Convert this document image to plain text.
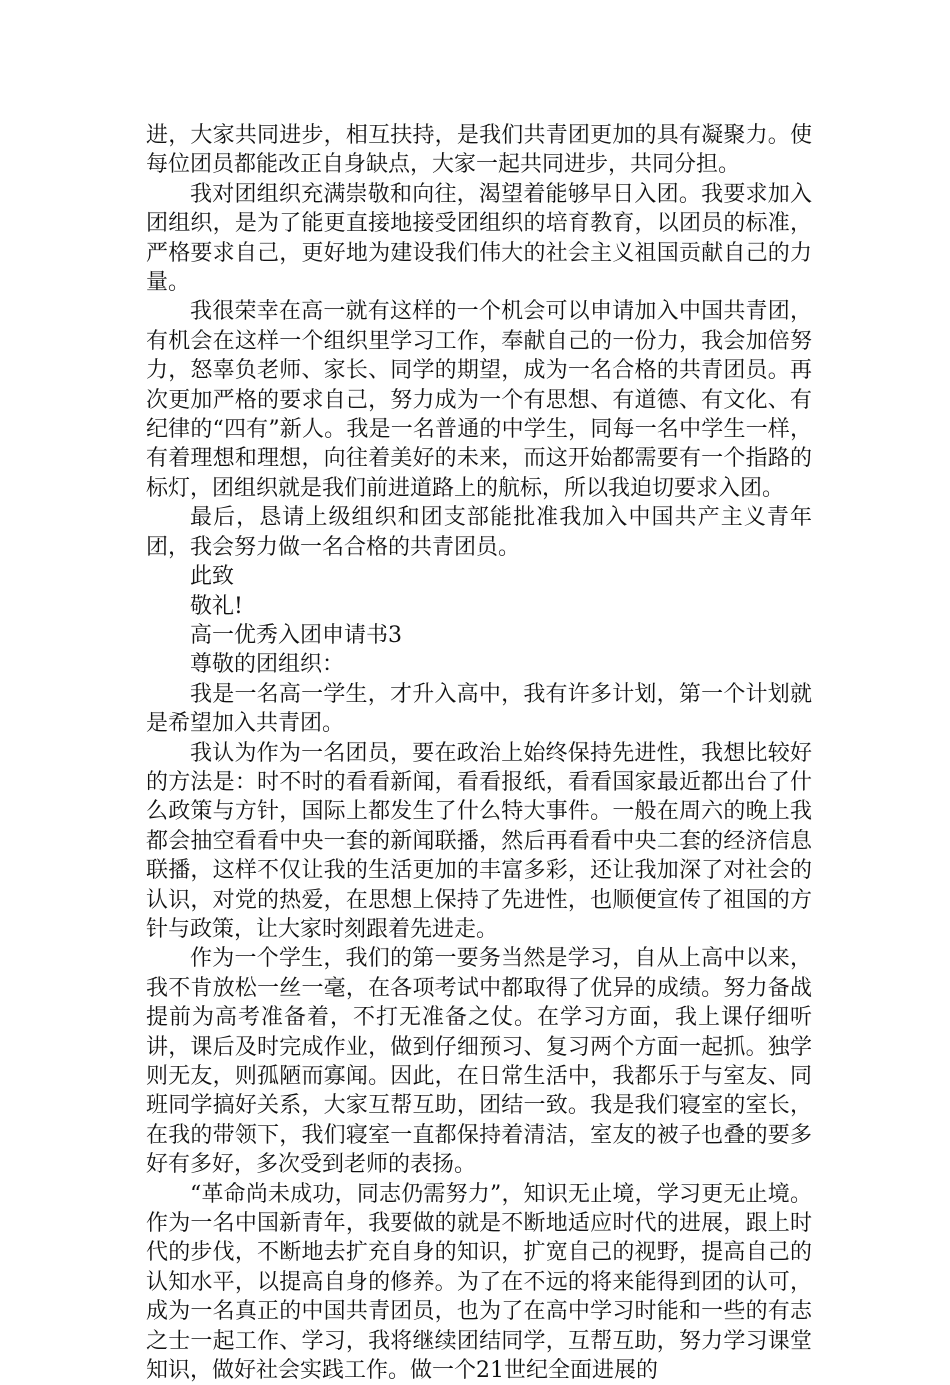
进，大家共同进步，相互扶持，是我们共青团更加的具有凝聚力。使每位团员都能改正自身缺点，大家一起共同进步，共同分担。

我对团组织充满崇敬和向往，渴望着能够早日入团。我要求加入团组织，是为了能更直接地接受团组织的培育教育，以团员的标准，严格要求自己，更好地为建设我们伟大的社会主义祖国贡献自己的力量。

我很荣幸在高一就有这样的一个机会可以申请加入中国共青团，有机会在这样一个组织里学习工作，奉献自己的一份力，我会加倍努力，怒辜负老师、家长、同学的期望，成为一名合格的共青团员。再次更加严格的要求自己，努力成为一个有思想、有道德、有文化、有纪律的“四有”新人。我是一名普通的中学生，同每一名中学生一样，有着理想和理想，向往着美好的未来，而这开始都需要有一个指路的标灯，团组织就是我们前进道路上的航标，所以我迫切要求入团。

最后，恳请上级组织和团支部能批准我加入中国共产主义青年团，我会努力做一名合格的共青团员。

此致

敬礼!

高一优秀入团申请书3

尊敬的团组织：

我是一名高一学生，才升入高中，我有许多计划，第一个计划就是希望加入共青团。

我认为作为一名团员，要在政治上始终保持先进性，我想比较好的方法是：时不时的看看新闻，看看报纸，看看国家最近都出台了什么政策与方针，国际上都发生了什么特大事件。一般在周六的晚上我都会抽空看看中央一套的新闻联播，然后再看看中央二套的经济信息联播，这样不仅让我的生活更加的丰富多彩，还让我加深了对社会的认识，对党的热爱，在思想上保持了先进性，也顺便宣传了祖国的方针与政策，让大家时刻跟着先进走。

作为一个学生，我们的第一要务当然是学习，自从上高中以来，我不肯放松一丝一毫，在各项考试中都取得了优异的成绩。努力备战提前为高考准备着，不打无准备之仗。在学习方面，我上课仔细听讲，课后及时完成作业，做到仔细预习、复习两个方面一起抓。独学则无友，则孤陋而寡闻。因此，在日常生活中，我都乐于与室友、同班同学搞好关系，大家互帮互助，团结一致。我是我们寝室的室长，在我的带领下，我们寝室一直都保持着清洁，室友的被子也叠的要多好有多好，多次受到老师的表扬。

“革命尚未成功，同志仍需努力”，知识无止境，学习更无止境。作为一名中国新青年，我要做的就是不断地适应时代的进展，跟上时代的步伐，不断地去扩充自身的知识，扩宽自己的视野，提高自己的认知水平，以提高自身的修养。为了在不远的将来能得到团的认可，成为一名真正的中国共青团员，也为了在高中学习时能和一些的有志之士一起工作、学习，我将继续团结同学，互帮互助，努力学习课堂知识，做好社会实践工作。做一个21世纪全面进展的
